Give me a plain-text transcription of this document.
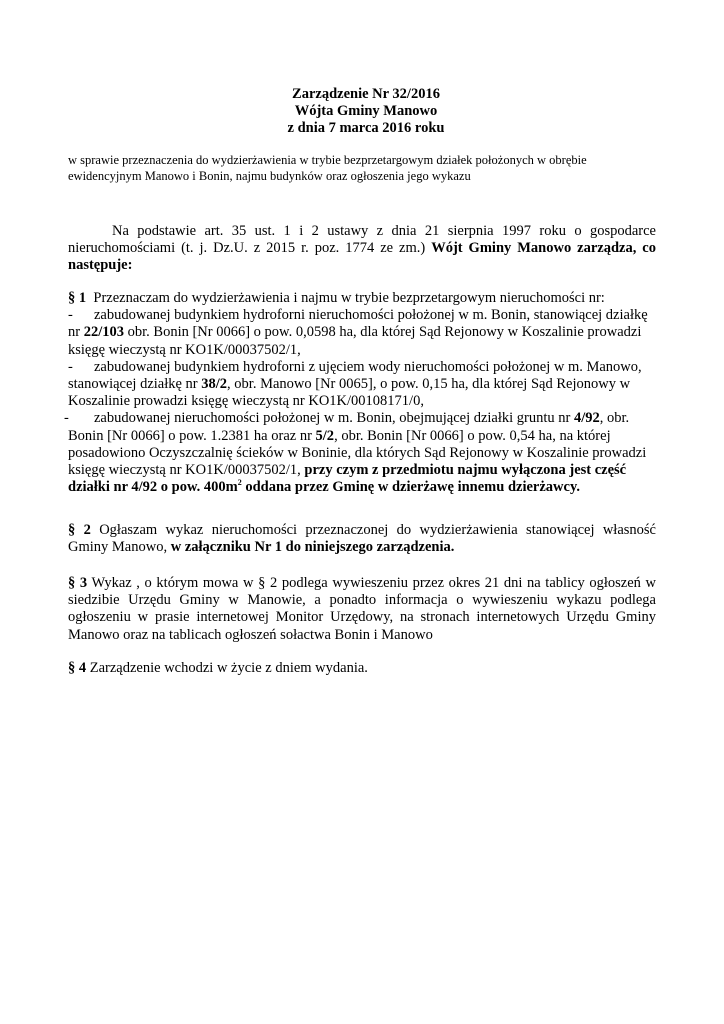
Zarządzenie Nr 32/2016
Wójta Gminy Manowo
z dnia 7 marca 2016 roku
w sprawie przeznaczenia do wydzierżawienia w trybie bezprzetargowym działek położonych w obrębie
ewidencyjnym Manowo i Bonin, najmu budynków oraz ogłoszenia jego wykazu
Na podstawie art. 35 ust. 1 i 2 ustawy z dnia 21 sierpnia 1997 roku o gospodarce nieruchomościami (t. j. Dz.U. z 2015 r. poz. 1774 ze zm.) Wójt Gminy Manowo zarządza, co następuje:
§ 1 Przeznaczam do wydzierżawienia i najmu w trybie bezprzetargowym nieruchomości nr:
- zabudowanej budynkiem hydroforni nieruchomości położonej w m. Bonin, stanowiącej działkę
nr 22/103 obr. Bonin [Nr 0066] o pow. 0,0598 ha, dla której Sąd Rejonowy w Koszalinie prowadzi
księgę wieczystą nr KO1K/00037502/1,
- zabudowanej budynkiem hydroforni z ujęciem wody nieruchomości położonej w m. Manowo,
stanowiącej działkę nr 38/2, obr. Manowo [Nr 0065], o pow. 0,15 ha, dla której Sąd Rejonowy w
Koszalinie prowadzi księgę wieczystą nr KO1K/00108171/0,
- zabudowanej nieruchomości położonej w m. Bonin, obejmującej działki gruntu nr 4/92, obr.
Bonin [Nr 0066] o pow. 1.2381 ha oraz nr 5/2, obr. Bonin [Nr 0066] o pow. 0,54 ha, na której
posadowiono Oczyszczalnię ścieków w Boninie, dla których Sąd Rejonowy w Koszalinie prowadzi
księgę wieczystą nr KO1K/00037502/1, przy czym z przedmiotu najmu wyłączona jest część
działki nr 4/92 o pow. $400m^2$ oddana przez Gminę w dzierżawę innemu dzierżawcy.
§ 2 Ogłaszam wykaz nieruchomości przeznaczonej do wydzierżawienia stanowiącej własność Gminy Manowo, w załączniku Nr 1 do niniejszego zarządzenia.
§ 3 Wykaz , o którym mowa w § 2 podlega wywieszeniu przez okres 21 dni na tablicy ogłoszeń w siedzibie Urzędu Gminy w Manowie, a ponadto informacja o wywieszeniu wykazu podlega ogłoszeniu w prasie internetowej Monitor Urzędowy, na stronach internetowych Urzędu Gminy Manowo oraz na tablicach ogłoszeń sołactwa Bonin i Manowo
§ 4 Zarządzenie wchodzi w życie z dniem wydania.
